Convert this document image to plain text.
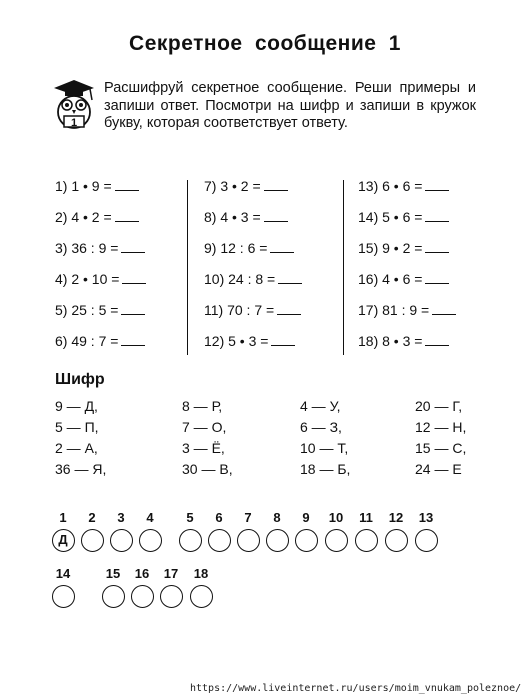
Секретное сообщение 1
1
Расшифруй секретное сообщение. Реши примеры и запиши ответ. Посмотри на шифр и запиши в кружок букву, которая соответствует ответу.
1) 1 • 9 =
2) 4 • 2 =
3) 36 : 9 =
4) 2 • 10 =
5) 25 : 5 =
6) 49 : 7 =
7) 3 • 2 =
8) 4 • 3 =
9) 12 : 6 =
10) 24 : 8 =
11) 70 : 7 =
12) 5 • 3 =
13) 6 • 6 =
14) 5 • 6 =
15) 9 • 2 =
16) 4 • 6 =
17) 81 : 9 =
18) 8 • 3 =
Шифр
9 — Д,	8 — Р,	4 — У,	20 — Г,
5 — П,	7 — О,	6 — З,	12 — Н,
2 — А,	3 — Ё,	10 — Т,	15 — С,
36 — Я,	30 — В,	18 — Б,	24 — Е
1	2	3	4	5	6	7	8	9	10	11	12	13
Д
14	15	16	17	18
https://www.liveinternet.ru/users/moim_vnukam_poleznoe/
